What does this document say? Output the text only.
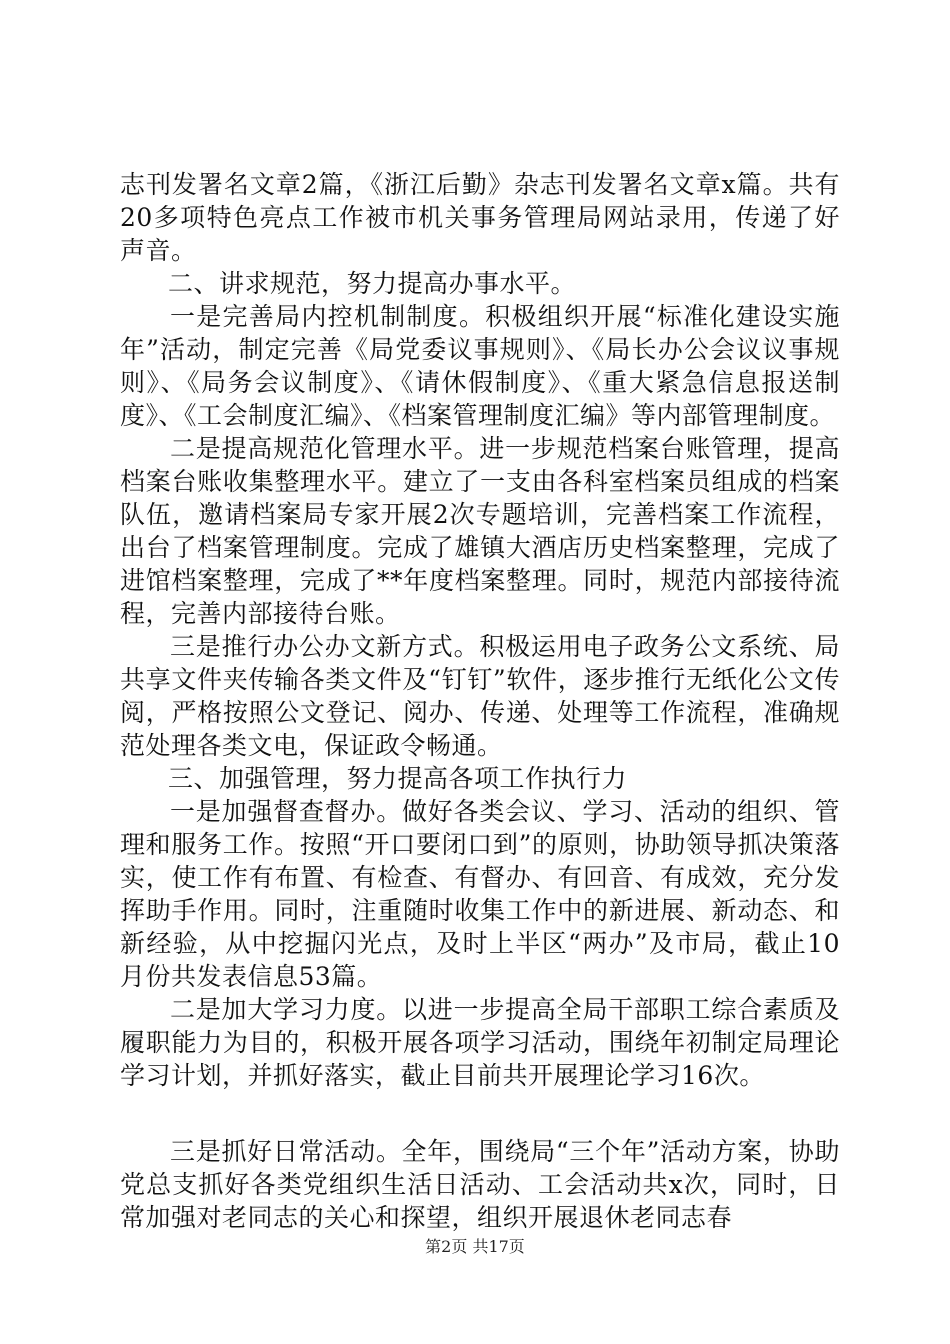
志刊发署名文章2篇，《浙江后勤》杂志刊发署名文章x篇。共有20多项特色亮点工作被市机关事务管理局网站录用，传递了好声音。

二、讲求规范，努力提高办事水平。

一是完善局内控机制制度。积极组织开展“标准化建设实施年”活动，制定完善《局党委议事规则》、《局长办公会议议事规则》、《局务会议制度》、《请休假制度》、《重大紧急信息报送制度》、《工会制度汇编》、《档案管理制度汇编》等内部管理制度。

二是提高规范化管理水平。进一步规范档案台账管理，提高档案台账收集整理水平。建立了一支由各科室档案员组成的档案队伍，邀请档案局专家开展2次专题培训，完善档案工作流程，出台了档案管理制度。完成了雄镇大酒店历史档案整理，完成了进馆档案整理，完成了**年度档案整理。同时，规范内部接待流程，完善内部接待台账。

三是推行办公办文新方式。积极运用电子政务公文系统、局共享文件夹传输各类文件及“钉钉”软件，逐步推行无纸化公文传阅，严格按照公文登记、阅办、传递、处理等工作流程，准确规范处理各类文电，保证政令畅通。

三、加强管理，努力提高各项工作执行力

一是加强督查督办。做好各类会议、学习、活动的组织、管理和服务工作。按照“开口要闭口到”的原则，协助领导抓决策落实，使工作有布置、有检查、有督办、有回音、有成效，充分发挥助手作用。同时，注重随时收集工作中的新进展、新动态、和新经验，从中挖掘闪光点，及时上半区“两办”及市局，截止10月份共发表信息53篇。

二是加大学习力度。以进一步提高全局干部职工综合素质及履职能力为目的，积极开展各项学习活动，围绕年初制定局理论学习计划，并抓好落实，截止目前共开展理论学习16次。

三是抓好日常活动。全年，围绕局“三个年”活动方案，协助党总支抓好各类党组织生活日活动、工会活动共x次，同时，日常加强对老同志的关心和探望，组织开展退休老同志春

第2页 共17页
